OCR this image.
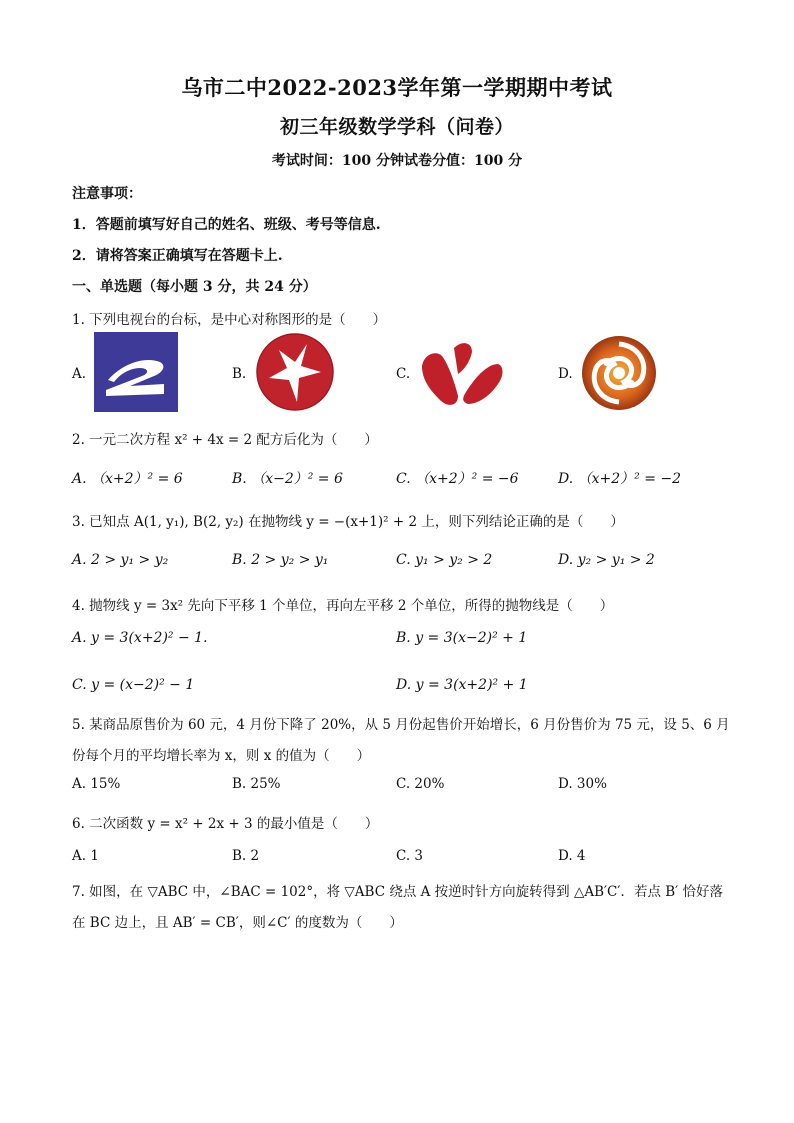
乌市二中2022-2023学年第一学期期中考试
初三年级数学学科（问卷）
考试时间：100 分钟试卷分值：100 分
注意事项：
1．答题前填写好自己的姓名、班级、考号等信息.
2．请将答案正确填写在答题卡上.
一、单选题（每小题 3 分，共 24 分）
1. 下列电视台的台标，是中心对称图形的是（　　）
A.	B.	C.	D.
2. 一元二次方程 x² + 4x = 2 配方后化为（　　）
A. （x+2）² = 6	B. （x−2）² = 6	C. （x+2）² = −6	D. （x+2）² = −2
3. 已知点 A(1, y₁), B(2, y₂) 在抛物线 y = −(x+1)² + 2 上，则下列结论正确的是（　　）
A. 2 > y₁ > y₂	B. 2 > y₂ > y₁	C. y₁ > y₂ > 2	D. y₂ > y₁ > 2
4. 抛物线 y = 3x² 先向下平移 1 个单位，再向左平移 2 个单位，所得的抛物线是（　　）
A. y = 3(x+2)² − 1.	B. y = 3(x−2)² + 1
C. y = (x−2)² − 1	D. y = 3(x+2)² + 1
5. 某商品原售价为 60 元，4 月份下降了 20%，从 5 月份起售价开始增长，6 月份售价为 75 元，设 5、6 月
份每个月的平均增长率为 x，则 x 的值为（　　）
A. 15%	B. 25%	C. 20%	D. 30%
6. 二次函数 y = x² + 2x + 3 的最小值是（　　）
A. 1	B. 2	C. 3	D. 4
7. 如图，在 ▽ABC 中，∠BAC = 102°，将 ▽ABC 绕点 A 按逆时针方向旋转得到 △AB′C′．若点 B′ 恰好落
在 BC 边上，且 AB′ = CB′，则∠C′ 的度数为（　　）
